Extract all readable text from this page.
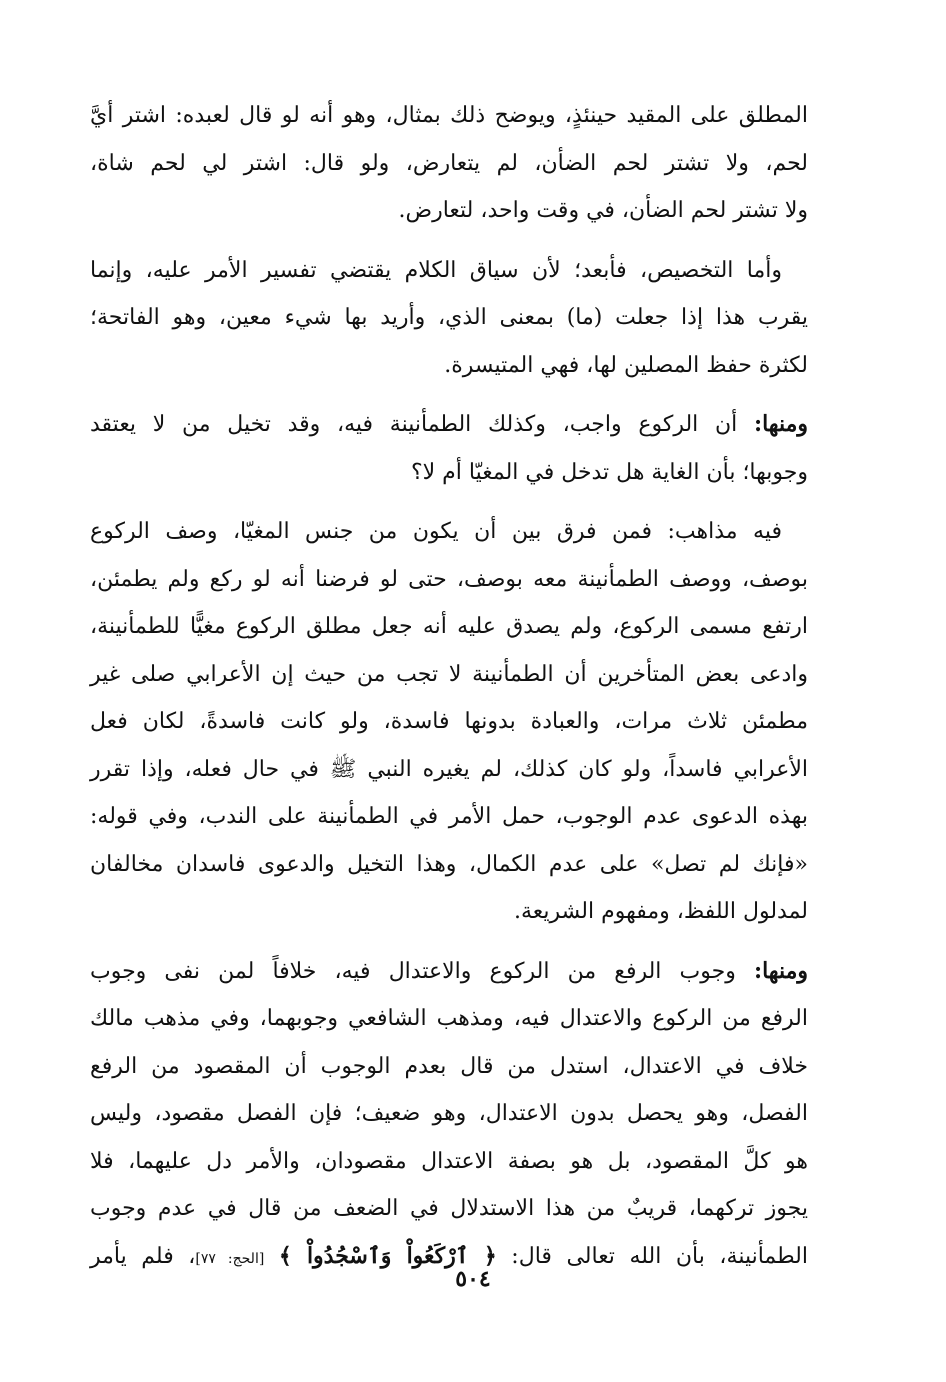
المطلق على المقيد حينئذٍ، ويوضح ذلك بمثال، وهو أنه لو قال لعبده: اشتر أيَّ
لحم، ولا تشتر لحم الضأن، لم يتعارض، ولو قال: اشتر لي لحم شاة،
ولا تشتر لحم الضأن، في وقت واحد، لتعارض.

وأما التخصيص، فأبعد؛ لأن سياق الكلام يقتضي تفسير الأمر عليه، وإنما
يقرب هذا إذا جعلت (ما) بمعنى الذي، وأريد بها شيء معين، وهو الفاتحة؛
لكثرة حفظ المصلين لها، فهي المتيسرة.

ومنها: أن الركوع واجب، وكذلك الطمأنينة فيه، وقد تخيل من لا يعتقد
وجوبها؛ بأن الغاية هل تدخل في المغيّا أم لا؟

فيه مذاهب: فمن فرق بين أن يكون من جنس المغيّا، وصف الركوع
بوصف، ووصف الطمأنينة معه بوصف، حتى لو فرضنا أنه لو ركع ولم يطمئن،
ارتفع مسمى الركوع، ولم يصدق عليه أنه جعل مطلق الركوع مغيًّا للطمأنينة،
وادعى بعض المتأخرين أن الطمأنينة لا تجب من حيث إن الأعرابي صلى غير
مطمئن ثلاث مرات، والعبادة بدونها فاسدة، ولو كانت فاسدةً، لكان فعل
الأعرابي فاسداً، ولو كان كذلك، لم يغيره النبي ﷺ في حال فعله، وإذا تقرر
بهذه الدعوى عدم الوجوب، حمل الأمر في الطمأنينة على الندب، وفي قوله:
«فإنك لم تصل» على عدم الكمال، وهذا التخيل والدعوى فاسدان مخالفان
لمدلول اللفظ، ومفهوم الشريعة.

ومنها: وجوب الرفع من الركوع والاعتدال فيه، خلافاً لمن نفى وجوب
الرفع من الركوع والاعتدال فيه، ومذهب الشافعي وجوبهما، وفي مذهب مالك
خلاف في الاعتدال، استدل من قال بعدم الوجوب أن المقصود من الرفع
الفصل، وهو يحصل بدون الاعتدال، وهو ضعيف؛ فإن الفصل مقصود، وليس
هو كلَّ المقصود، بل هو بصفة الاعتدال مقصودان، والأمر دل عليهما، فلا
يجوز تركهما، قريبٌ من هذا الاستدلال في الضعف من قال في عدم وجوب
الطمأنينة، بأن الله تعالى قال: ﴿ ٱرْكَعُواْ وَٱسْجُدُواْ ﴾ [الحج: ٧٧]، فلم يأمر

٥٠٤
